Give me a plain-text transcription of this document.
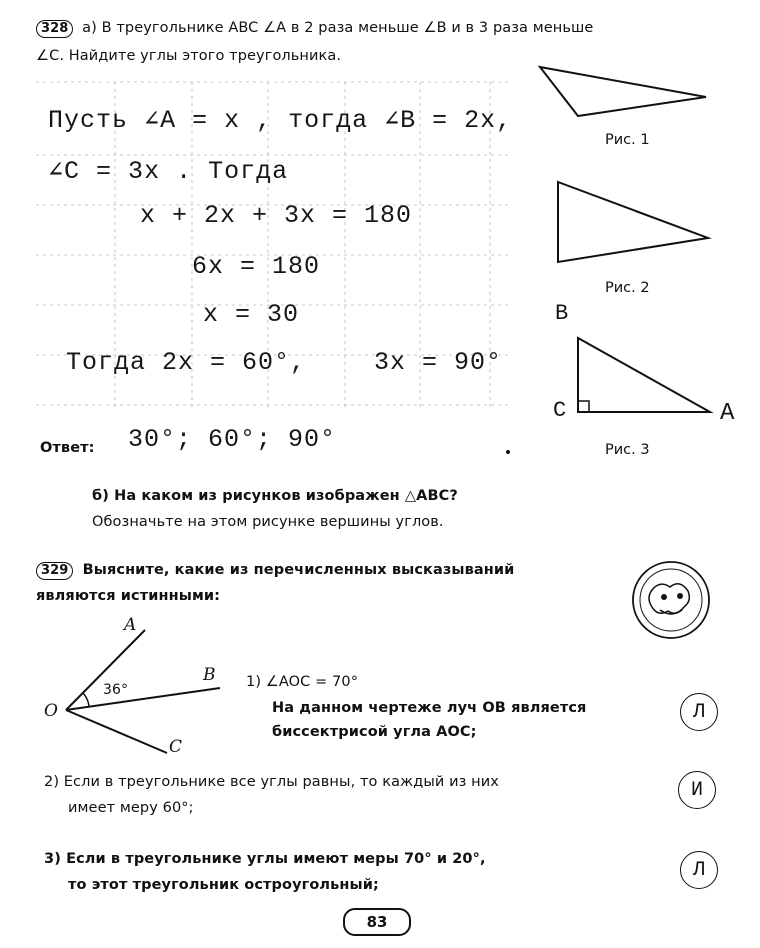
328 а) В треугольнике ABC ∠A в 2 раза меньше ∠B и в 3 раза меньше
∠C. Найдите углы этого треугольника.
Пусть ∠A = x , тогда ∠B = 2x,
∠C = 3x . Тогда
x + 2x + 3x = 180
6x = 180
x = 30
Тогда 2x = 60°,	3x = 90°
Ответ: 30°; 60°; 90°
Рис. 1
Рис. 2
B
C	A
Рис. 3
б) На каком из рисунков изображен △ABC?
Обозначьте на этом рисунке вершины углов.
329 Выясните, какие из перечисленных высказываний
являются истинными:
A
B
C
O
36°	1) ∠AOC = 70°
На данном чертеже луч OB является
биссектрисой угла AOC;
Л
2) Если в треугольнике все углы равны, то каждый из них
имеет меру 60°;
И
3) Если в треугольнике углы имеют меры 70° и 20°,
то этот треугольник остроугольный;
Л
83
